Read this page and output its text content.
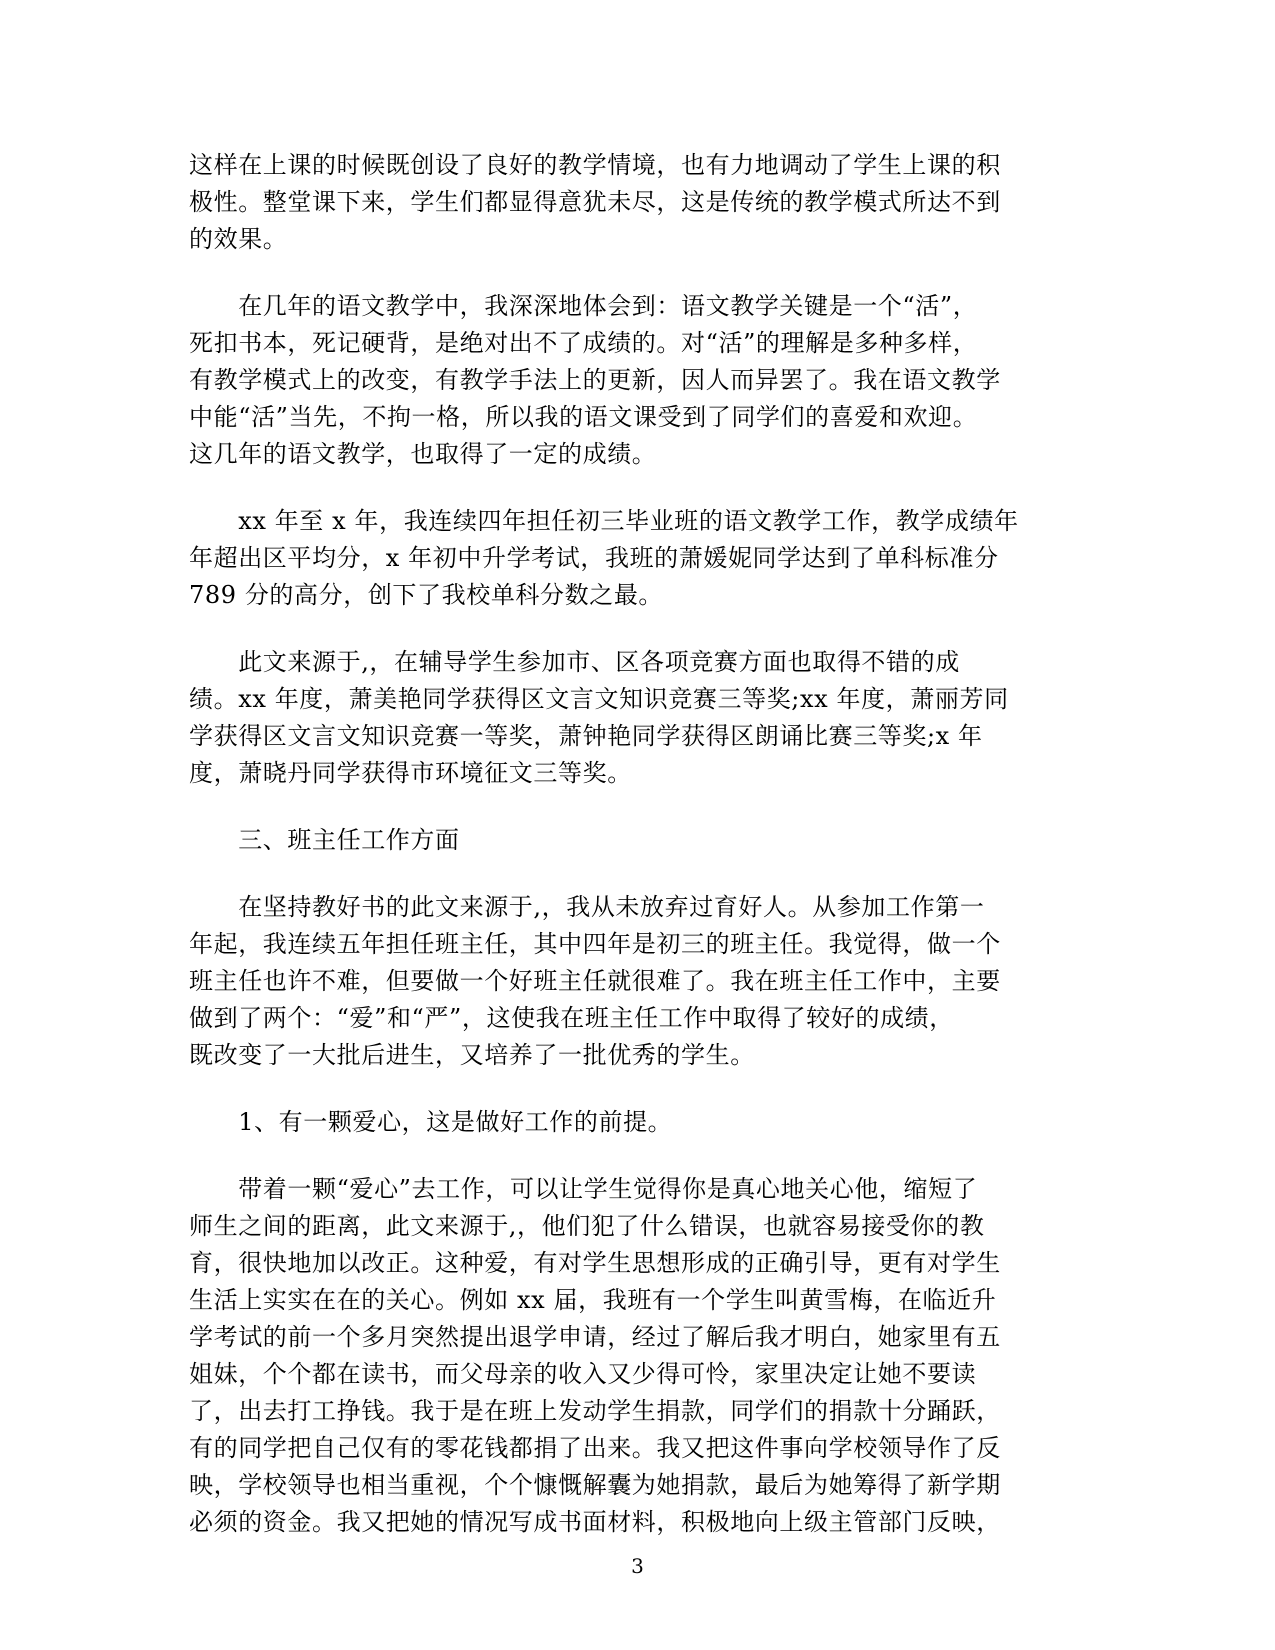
这样在上课的时候既创设了良好的教学情境，也有力地调动了学生上课的积
极性。整堂课下来，学生们都显得意犹未尽，这是传统的教学模式所达不到
的效果。

　　在几年的语文教学中，我深深地体会到：语文教学关键是一个“活”，
死扣书本，死记硬背，是绝对出不了成绩的。对“活”的理解是多种多样，
有教学模式上的改变，有教学手法上的更新，因人而异罢了。我在语文教学
中能“活”当先，不拘一格，所以我的语文课受到了同学们的喜爱和欢迎。
这几年的语文教学，也取得了一定的成绩。

　　xx 年至 x 年，我连续四年担任初三毕业班的语文教学工作，教学成绩年
年超出区平均分，x 年初中升学考试，我班的萧媛妮同学达到了单科标准分
789 分的高分，创下了我校单科分数之最。

　　此文来源于,，在辅导学生参加市、区各项竞赛方面也取得不错的成
绩。xx 年度，萧美艳同学获得区文言文知识竞赛三等奖;xx 年度，萧丽芳同
学获得区文言文知识竞赛一等奖，萧钟艳同学获得区朗诵比赛三等奖;x 年
度，萧晓丹同学获得市环境征文三等奖。

　　三、班主任工作方面

　　在坚持教好书的此文来源于,，我从未放弃过育好人。从参加工作第一
年起，我连续五年担任班主任，其中四年是初三的班主任。我觉得，做一个
班主任也许不难，但要做一个好班主任就很难了。我在班主任工作中，主要
做到了两个：“爱”和“严”，这使我在班主任工作中取得了较好的成绩，
既改变了一大批后进生，又培养了一批优秀的学生。

　　1、有一颗爱心，这是做好工作的前提。

　　带着一颗“爱心”去工作，可以让学生觉得你是真心地关心他，缩短了
师生之间的距离，此文来源于,，他们犯了什么错误，也就容易接受你的教
育，很快地加以改正。这种爱，有对学生思想形成的正确引导，更有对学生
生活上实实在在的关心。例如 xx 届，我班有一个学生叫黄雪梅，在临近升
学考试的前一个多月突然提出退学申请，经过了解后我才明白，她家里有五
姐妹，个个都在读书，而父母亲的收入又少得可怜，家里决定让她不要读
了，出去打工挣钱。我于是在班上发动学生捐款，同学们的捐款十分踊跃，
有的同学把自己仅有的零花钱都捐了出来。我又把这件事向学校领导作了反
映，学校领导也相当重视，个个慷慨解囊为她捐款，最后为她筹得了新学期
必须的资金。我又把她的情况写成书面材料，积极地向上级主管部门反映，

3
